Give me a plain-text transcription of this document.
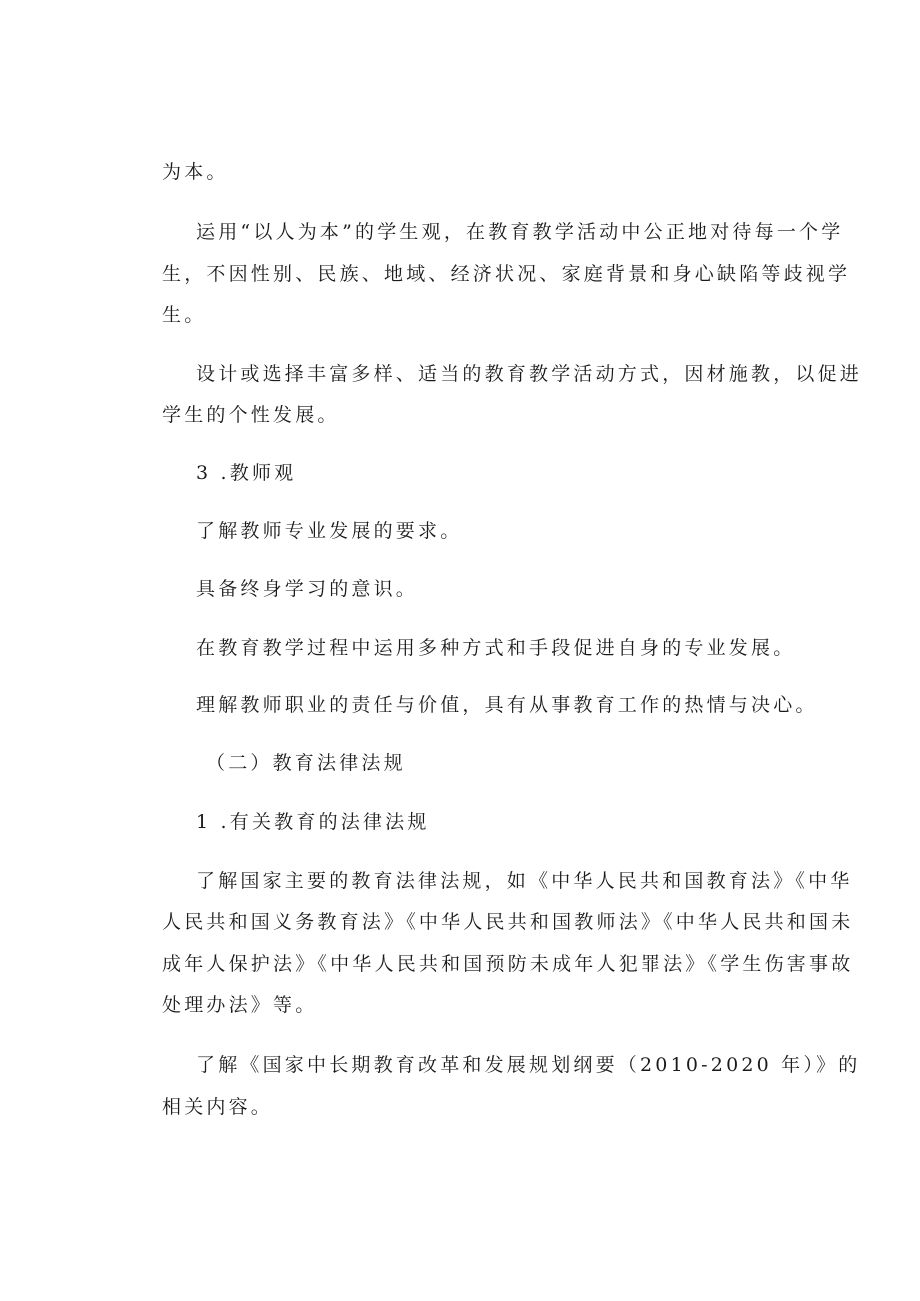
为本。

运用“以人为本”的学生观，在教育教学活动中公正地对待每一个学

生，不因性别、民族、地域、经济状况、家庭背景和身心缺陷等歧视学

生。

设计或选择丰富多样、适当的教育教学活动方式，因材施教，以促进

学生的个性发展。

3 .教师观

了解教师专业发展的要求。

具备终身学习的意识。

在教育教学过程中运用多种方式和手段促进自身的专业发展。

理解教师职业的责任与价值，具有从事教育工作的热情与决心。

（二）教育法律法规

1 .有关教育的法律法规

了解国家主要的教育法律法规，如《中华人民共和国教育法》《中华

人民共和国义务教育法》《中华人民共和国教师法》《中华人民共和国未

成年人保护法》《中华人民共和国预防未成年人犯罪法》《学生伤害事故

处理办法》等。

了解《国家中长期教育改革和发展规划纲要（2010-2020 年）》的

相关内容。
